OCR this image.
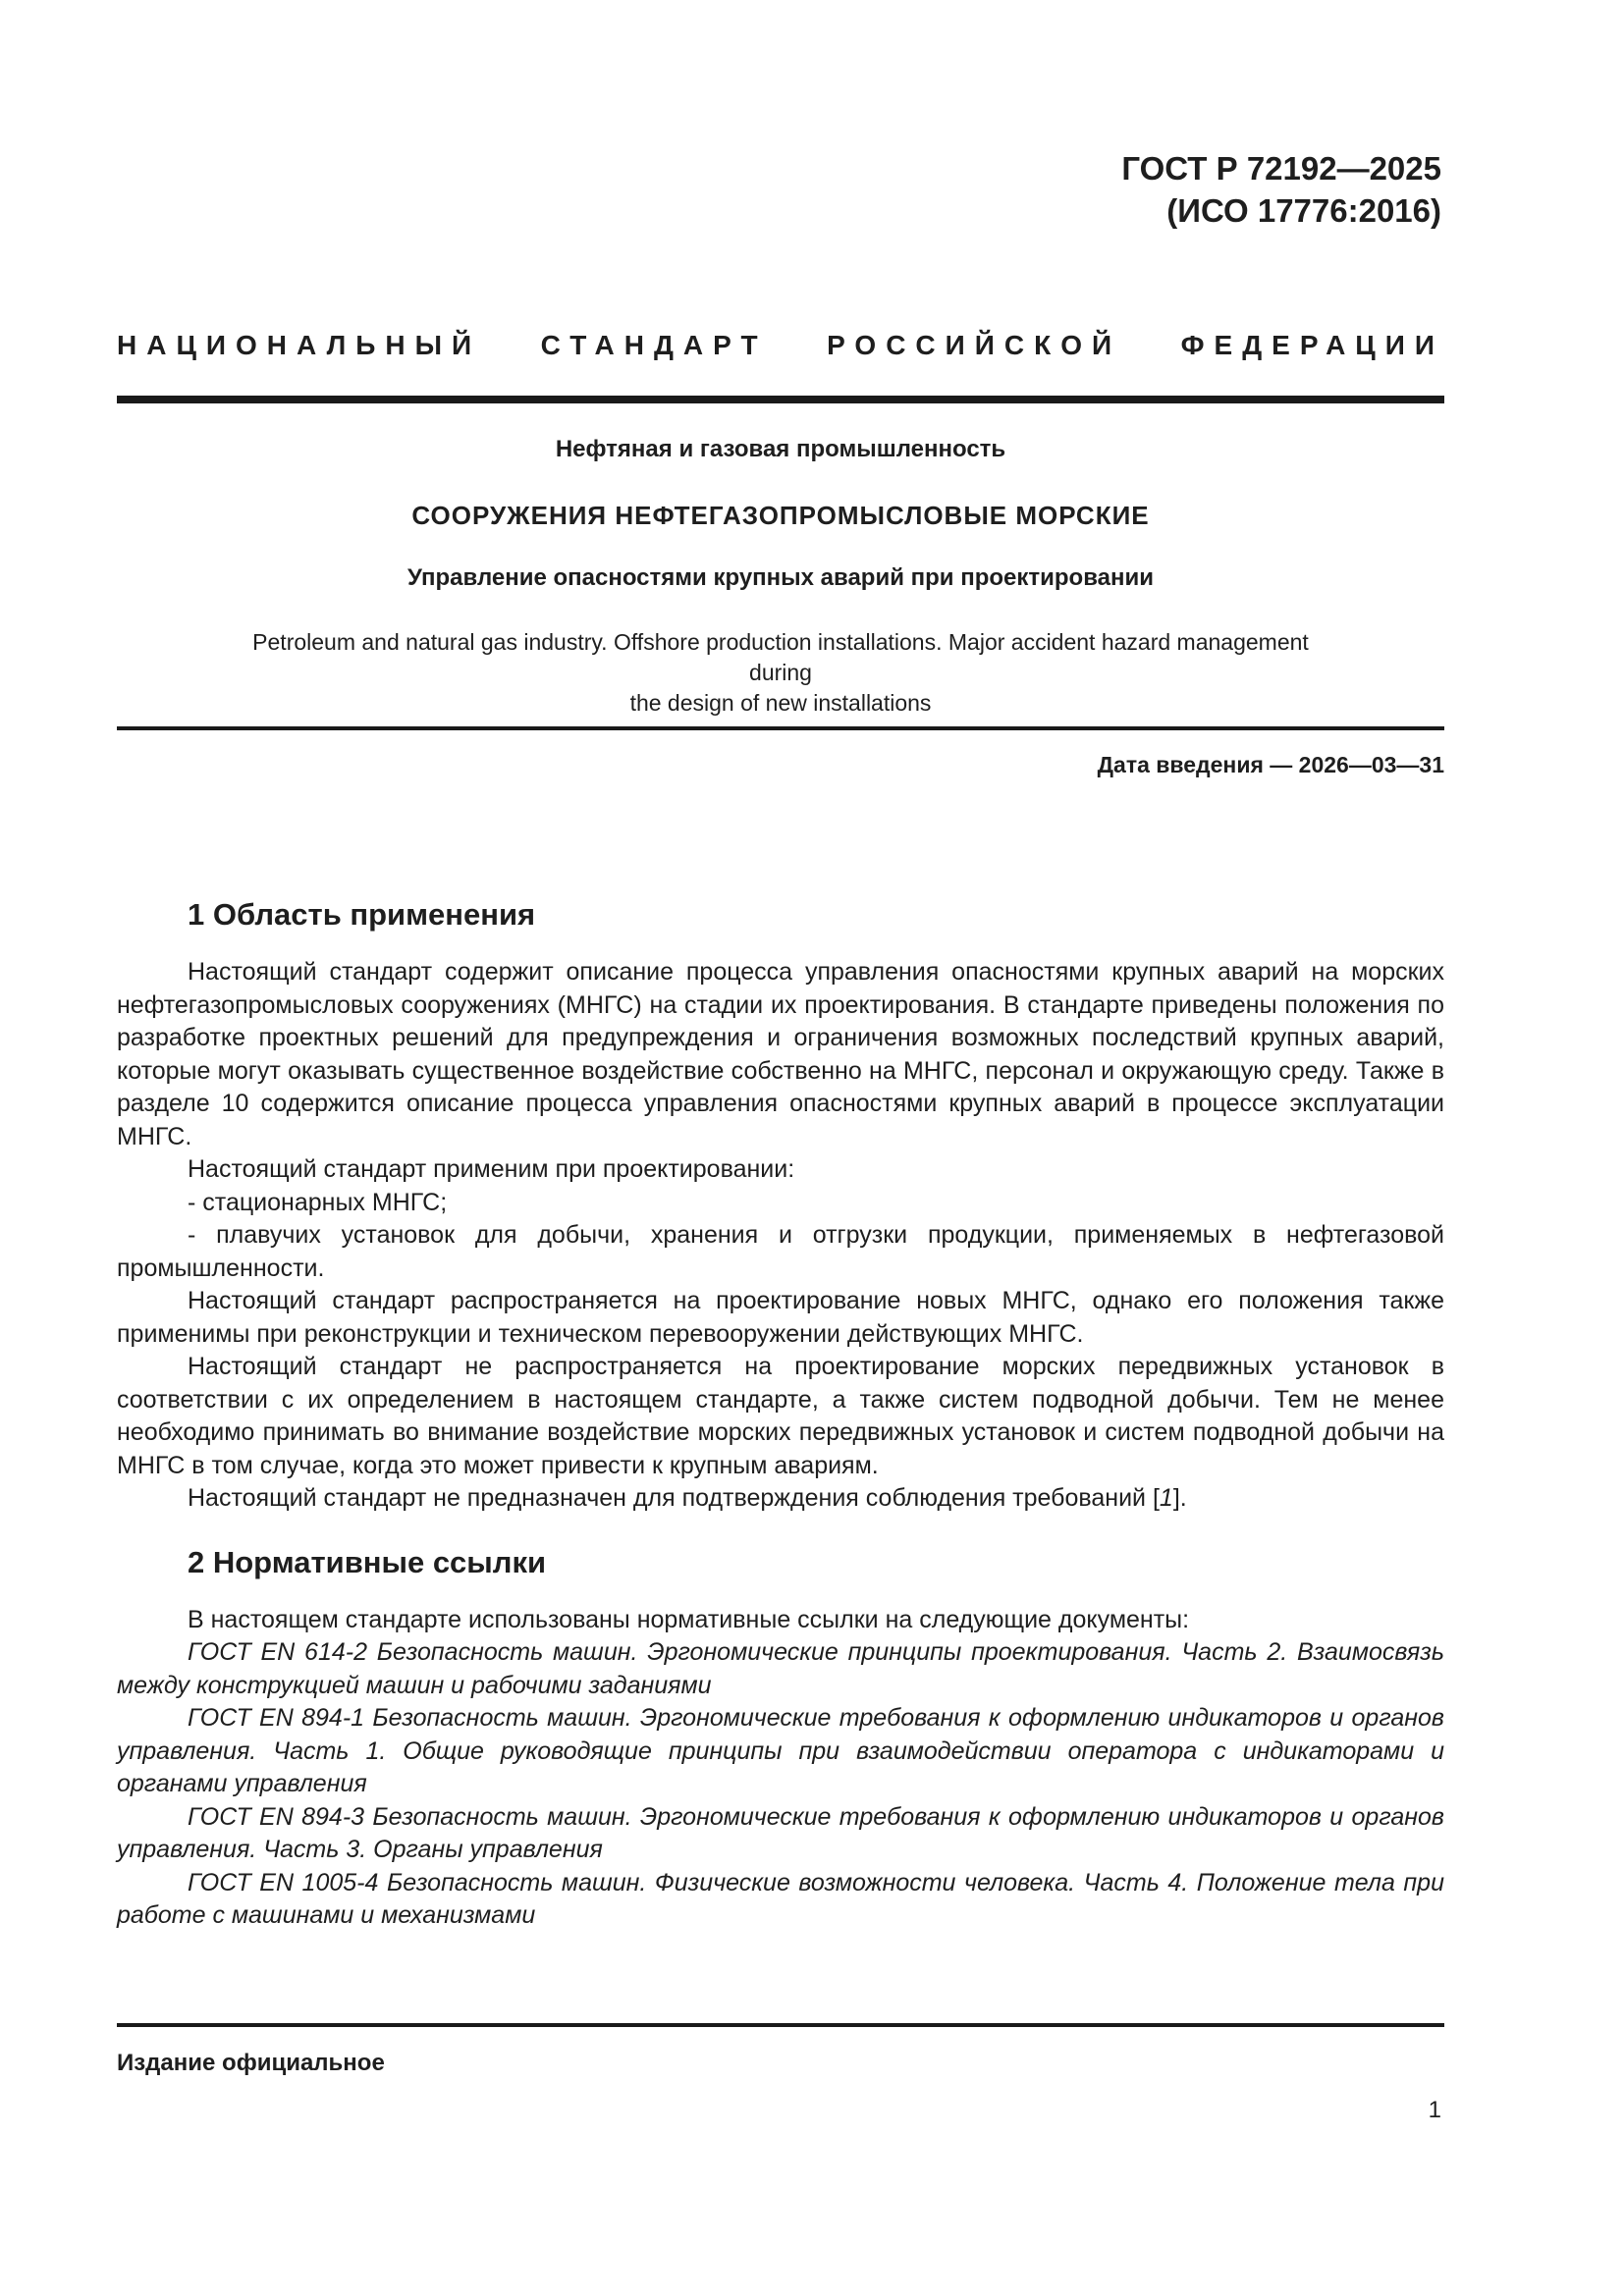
ГОСТ Р 72192—2025
(ИСО 17776:2016)
НАЦИОНАЛЬНЫЙ СТАНДАРТ РОССИЙСКОЙ ФЕДЕРАЦИИ
Нефтяная и газовая промышленность
СООРУЖЕНИЯ НЕФТЕГАЗОПРОМЫСЛОВЫЕ МОРСКИЕ
Управление опасностями крупных аварий при проектировании
Petroleum and natural gas industry. Offshore production installations. Major accident hazard management during
the design of new installations
Дата введения — 2026—03—31
1 Область применения

Настоящий стандарт содержит описание процесса управления опасностями крупных аварий на морских нефтегазопромысловых сооружениях (МНГС) на стадии их проектирования. В стандарте приведены положения по разработке проектных решений для предупреждения и ограничения возможных последствий крупных аварий, которые могут оказывать существенное воздействие собственно на МНГС, персонал и окружающую среду. Также в разделе 10 содержится описание процесса управления опасностями крупных аварий в процессе эксплуатации МНГС.

Настоящий стандарт применим при проектировании:

- стационарных МНГС;

- плавучих установок для добычи, хранения и отгрузки продукции, применяемых в нефтегазовой промышленности.

Настоящий стандарт распространяется на проектирование новых МНГС, однако его положения также применимы при реконструкции и техническом перевооружении действующих МНГС.

Настоящий стандарт не распространяется на проектирование морских передвижных установок в соответствии с их определением в настоящем стандарте, а также систем подводной добычи. Тем не менее необходимо принимать во внимание воздействие морских передвижных установок и систем подводной добычи на МНГС в том случае, когда это может привести к крупным авариям.

Настоящий стандарт не предназначен для подтверждения соблюдения требований [1].

2 Нормативные ссылки

В настоящем стандарте использованы нормативные ссылки на следующие документы:

ГОСТ EN 614-2 Безопасность машин. Эргономические принципы проектирования. Часть 2. Взаимосвязь между конструкцией машин и рабочими заданиями

ГОСТ EN 894-1 Безопасность машин. Эргономические требования к оформлению индикаторов и органов управления. Часть 1. Общие руководящие принципы при взаимодействии оператора с индикаторами и органами управления

ГОСТ EN 894-3 Безопасность машин. Эргономические требования к оформлению индикаторов и органов управления. Часть 3. Органы управления

ГОСТ EN 1005-4 Безопасность машин. Физические возможности человека. Часть 4. Положение тела при работе с машинами и механизмами

Издание официальное
1
